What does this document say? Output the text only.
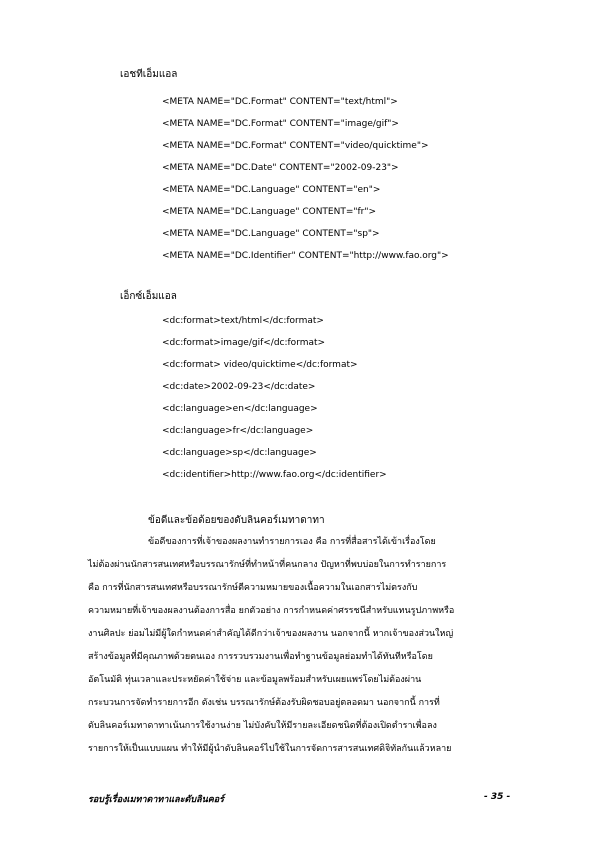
เอชทีเอ็มแอล
<META NAME="DC.Format" CONTENT="text/html">
<META NAME="DC.Format" CONTENT="image/gif">
<META NAME="DC.Format" CONTENT="video/quicktime">
<META NAME="DC.Date" CONTENT="2002-09-23">
<META NAME="DC.Language" CONTENT="en">
<META NAME="DC.Language" CONTENT="fr">
<META NAME="DC.Language" CONTENT="sp">
<META NAME="DC.Identifier" CONTENT="http://www.fao.org">
เอ็กซ์เอ็มแอล
<dc:format>text/html</dc:format>
<dc:format>image/gif</dc:format>
<dc:format> video/quicktime</dc:format>
<dc:date>2002-09-23</dc:date>
<dc:language>en</dc:language>
<dc:language>fr</dc:language>
<dc:language>sp</dc:language>
<dc:identifier>http://www.fao.org</dc:identifier>
ข้อดีและข้อด้อยของดับลินคอร์เมทาดาทา
ข้อดีของการที่เจ้าของผลงานทำรายการเอง คือ การที่สื่อสารได้เข้าเรื่องโดย
ไม่ต้องผ่านนักสารสนเทศหรือบรรณารักษ์ที่ทำหน้าที่คนกลาง ปัญหาที่พบบ่อยในการทำรายการ
คือ การที่นักสารสนเทศหรือบรรณารักษ์ตีความหมายของเนื้อความในเอกสารไม่ตรงกับ
ความหมายที่เจ้าของผลงานต้องการสื่อ ยกตัวอย่าง การกำหนดค่าศรรชนีสำหรับแทนรูปภาพหรือ
งานศิลปะ ย่อมไม่มีผู้ใดกำหนดค่าสำคัญได้ดีกว่าเจ้าของผลงาน นอกจากนี้ หากเจ้าของส่วนใหญ่
สร้างข้อมูลที่มีคุณภาพด้วยตนเอง การรวบรวมงานเพื่อทำฐานข้อมูลย่อมทำได้ทันทีหรือโดย
อัตโนมัติ ทุ่นเวลาและประหยัดค่าใช้จ่าย และข้อมูลพร้อมสำหรับเผยแพร่โดยไม่ต้องผ่าน
กระบวนการจัดทำรายการอีก ดังเช่น บรรณารักษ์ต้องรับผิดชอบอยู่ตลอดมา นอกจากนี้ การที่
ดับลินคอร์เมทาดาทาเน้นการใช้งานง่าย ไม่บังคับให้มีรายละเอียดชนิดที่ต้องเปิดตำราเพื่อลง
รายการให้เป็นแบบแผน ทำให้มีผู้นำดับลินคอร์ไปใช้ในการจัดการสารสนเทศดิจิทัลกันแล้วหลาย
รอบรู้เรื่องเมทาดาทาและดับลินคอร์	- 35 -
